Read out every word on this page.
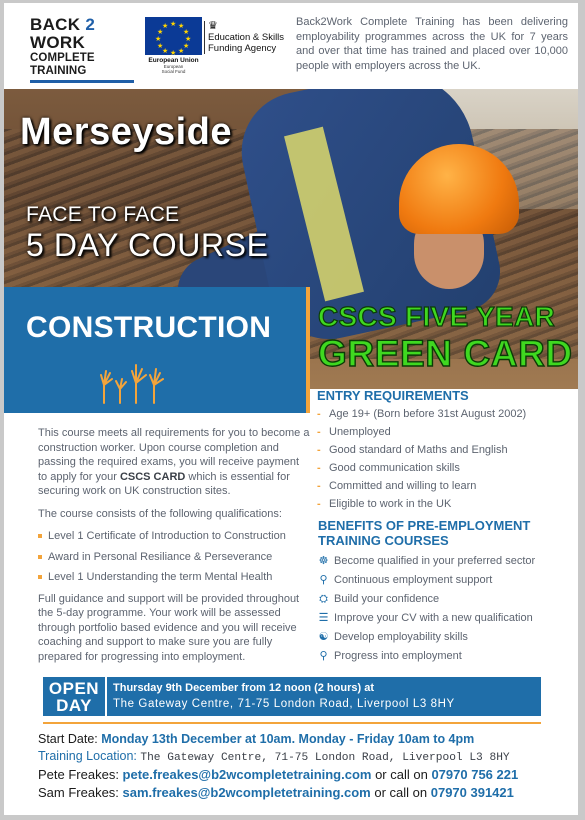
BACK 2 WORK
COMPLETE TRAINING
★ ★
★
★
★
★
★
★
★
★
★
★
European Union
European
Social Fund
♛
Education & Skills
Funding Agency
Back2Work Complete Training has been delivering employability programmes across the UK for 7 years and over that time has trained and placed over 10,000 people with employers across the UK.
Merseyside
FACE TO FACE
5 DAY COURSE
CONSTRUCTION CSCS FIVE YEAR
GREEN CARD

This course meets all requirements for you to become a construction worker. Upon course completion and passing the required exams, you will receive payment to apply for your CSCS CARD which is essential for securing work on UK construction sites.

The course consists of the following qualifications:

Level 1 Certificate of Introduction to Construction
Award in Personal Resiliance & Perseverance
Level 1 Understanding the term Mental Health

Full guidance and support will be provided throughout the 5-day programme. Your work will be assessed through portfolio based evidence and you will receive coaching and support to make sure you are fully prepared for progressing into employment.

ENTRY REQUIREMENTS
- Age 19+ (Born before 31st August 2002)
- Unemployed
- Good standard of Maths and English
- Good communication skills
- Committed and willing to learn
- Eligible to work in the UK
BENEFITS OF PRE-EMPLOYMENT TRAINING COURSES
☸ Become qualified in your preferred sector
⚲ Continuous employment support
⛭ Build your confidence
☰ Improve your CV with a new qualification
☯ Develop employability skills
⚲ Progress into employment
OPEN
DAY
Thursday 9th December from 12 noon (2 hours) at
The Gateway Centre, 71-75 London Road, Liverpool L3 8HY
Start Date: Monday 13th December at 10am. Monday - Friday 10am to 4pm
Training Location: The Gateway Centre, 71-75 London Road, Liverpool L3 8HY
Pete Freakes: pete.freakes@b2wcompletetraining.com or call on 07970 756 221
Sam Freakes: sam.freakes@b2wcompletetraining.com or call on 07970 391421
